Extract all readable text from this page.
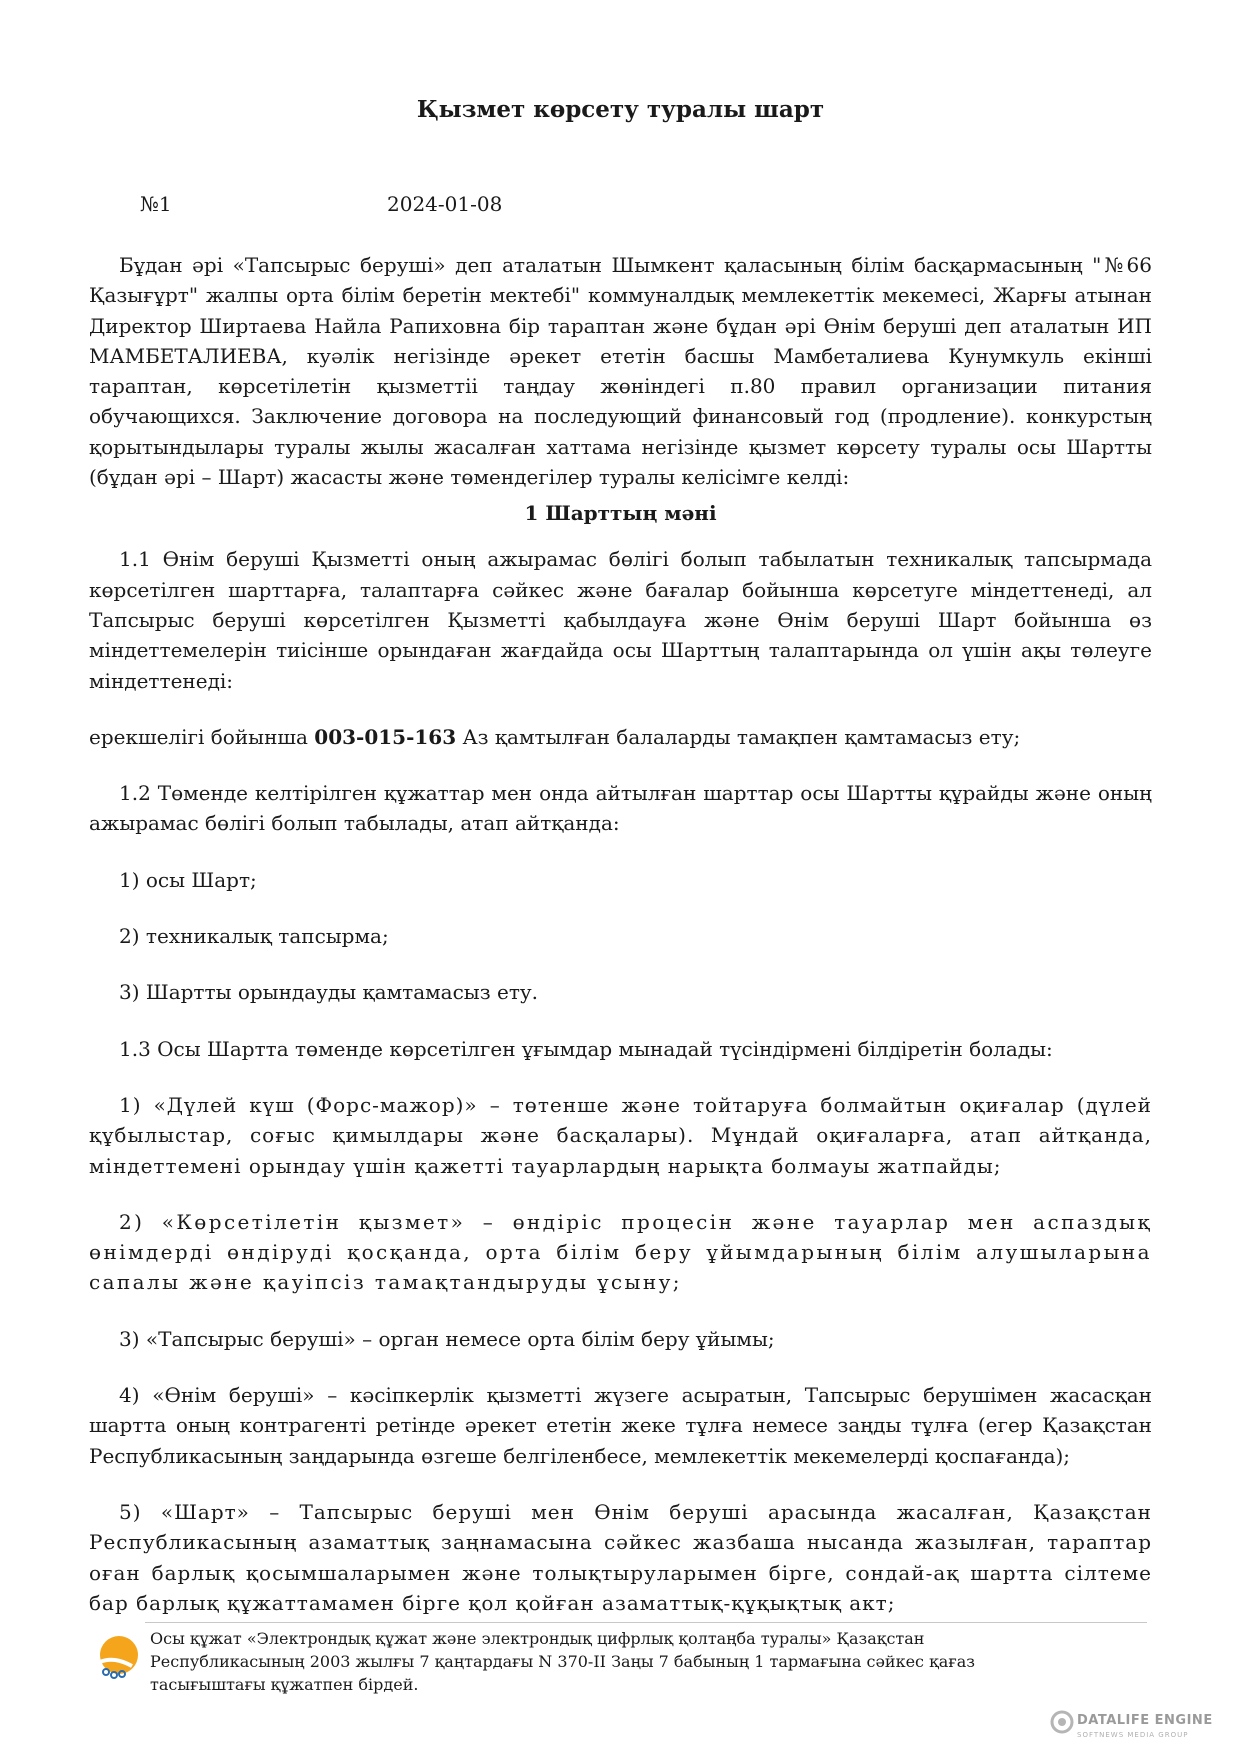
Қызмет көрсету туралы шарт
№1	2024-01-08

Бұдан әрі «Тапсырыс беруші» деп аталатын Шымкент қаласының білім басқармасының "№66 Қазығұрт" жалпы орта білім беретін мектебі" коммуналдық мемлекеттік мекемесі, Жарғы атынан Директор Ширтаева Найла Рапиховна бір тараптан және бұдан әрі Өнім беруші деп аталатын ИП МАМБЕТАЛИЕВА, куәлік негізінде әрекет ететін басшы Мамбеталиева Кунумкуль екінші тараптан, көрсетілетін қызметтіі таңдау жөніндегі п.80 правил организации питания обучающихся. Заключение договора на последующий финансовый год (продление). конкурстың қорытындылары туралы жылы жасалған хаттама негізінде қызмет көрсету туралы осы Шартты (бұдан әрі – Шарт) жасасты және төмендегілер туралы келісімге келді:

1 Шарттың мәні

1.1 Өнім беруші Қызметті оның ажырамас бөлігі болып табылатын техникалық тапсырмада көрсетілген шарттарға, талаптарға сәйкес және бағалар бойынша көрсетуге міндеттенеді, ал Тапсырыс беруші көрсетілген Қызметті қабылдауға және Өнім беруші Шарт бойынша өз міндеттемелерін тиісінше орындаған жағдайда осы Шарттың талаптарында ол үшін ақы төлеуге міндеттенеді:

ерекшелігі бойынша 003-015-163 Аз қамтылған балаларды тамақпен қамтамасыз ету;

1.2 Төменде келтірілген құжаттар мен онда айтылған шарттар осы Шартты құрайды және оның ажырамас бөлігі болып табылады, атап айтқанда:

1) осы Шарт;

2) техникалық тапсырма;

3) Шартты орындауды қамтамасыз ету.

1.3 Осы Шартта төменде көрсетілген ұғымдар мынадай түсіндірмені білдіретін болады:

1) «Дүлей күш (Форс-мажор)» – төтенше және тойтаруға болмайтын оқиғалар (дүлей құбылыстар, соғыс қимылдары және басқалары). Мұндай оқиғаларға, атап айтқанда, міндеттемені орындау үшін қажетті тауарлардың нарықта болмауы жатпайды;

2) «Көрсетілетін қызмет» – өндіріс процесін және тауарлар мен аспаздық өнімдерді өндіруді қосқанда, орта білім беру ұйымдарының білім алушыларына сапалы және қауіпсіз тамақтандыруды ұсыну;

3) «Тапсырыс беруші» – орган немесе орта білім беру ұйымы;

4) «Өнім беруші» – кәсіпкерлік қызметті жүзеге асыратын, Тапсырыс берушімен жасасқан шартта оның контрагенті ретінде әрекет ететін жеке тұлға немесе заңды тұлға (егер Қазақстан Республикасының заңдарында өзгеше белгіленбесе, мемлекеттік мекемелерді қоспағанда);

5) «Шарт» – Тапсырыс беруші мен Өнім беруші арасында жасалған, Қазақстан Республикасының азаматтық заңнамасына сәйкес жазбаша нысанда жазылған, тараптар оған барлық қосымшаларымен және толықтыруларымен бірге, сондай-ақ шартта сілтеме бар барлық құжаттамамен бірге қол қойған азаматтық-құқықтық акт;

Осы құжат «Электрондық құжат және электрондық цифрлық қолтаңба туралы» Қазақстан Республикасының 2003 жылғы 7 қаңтардағы N 370-II Заңы 7 бабының 1 тармағына сәйкес қағаз тасығыштағы құжатпен бірдей.
DATALIFE ENGINE
SOFTNEWS MEDIA GROUP
